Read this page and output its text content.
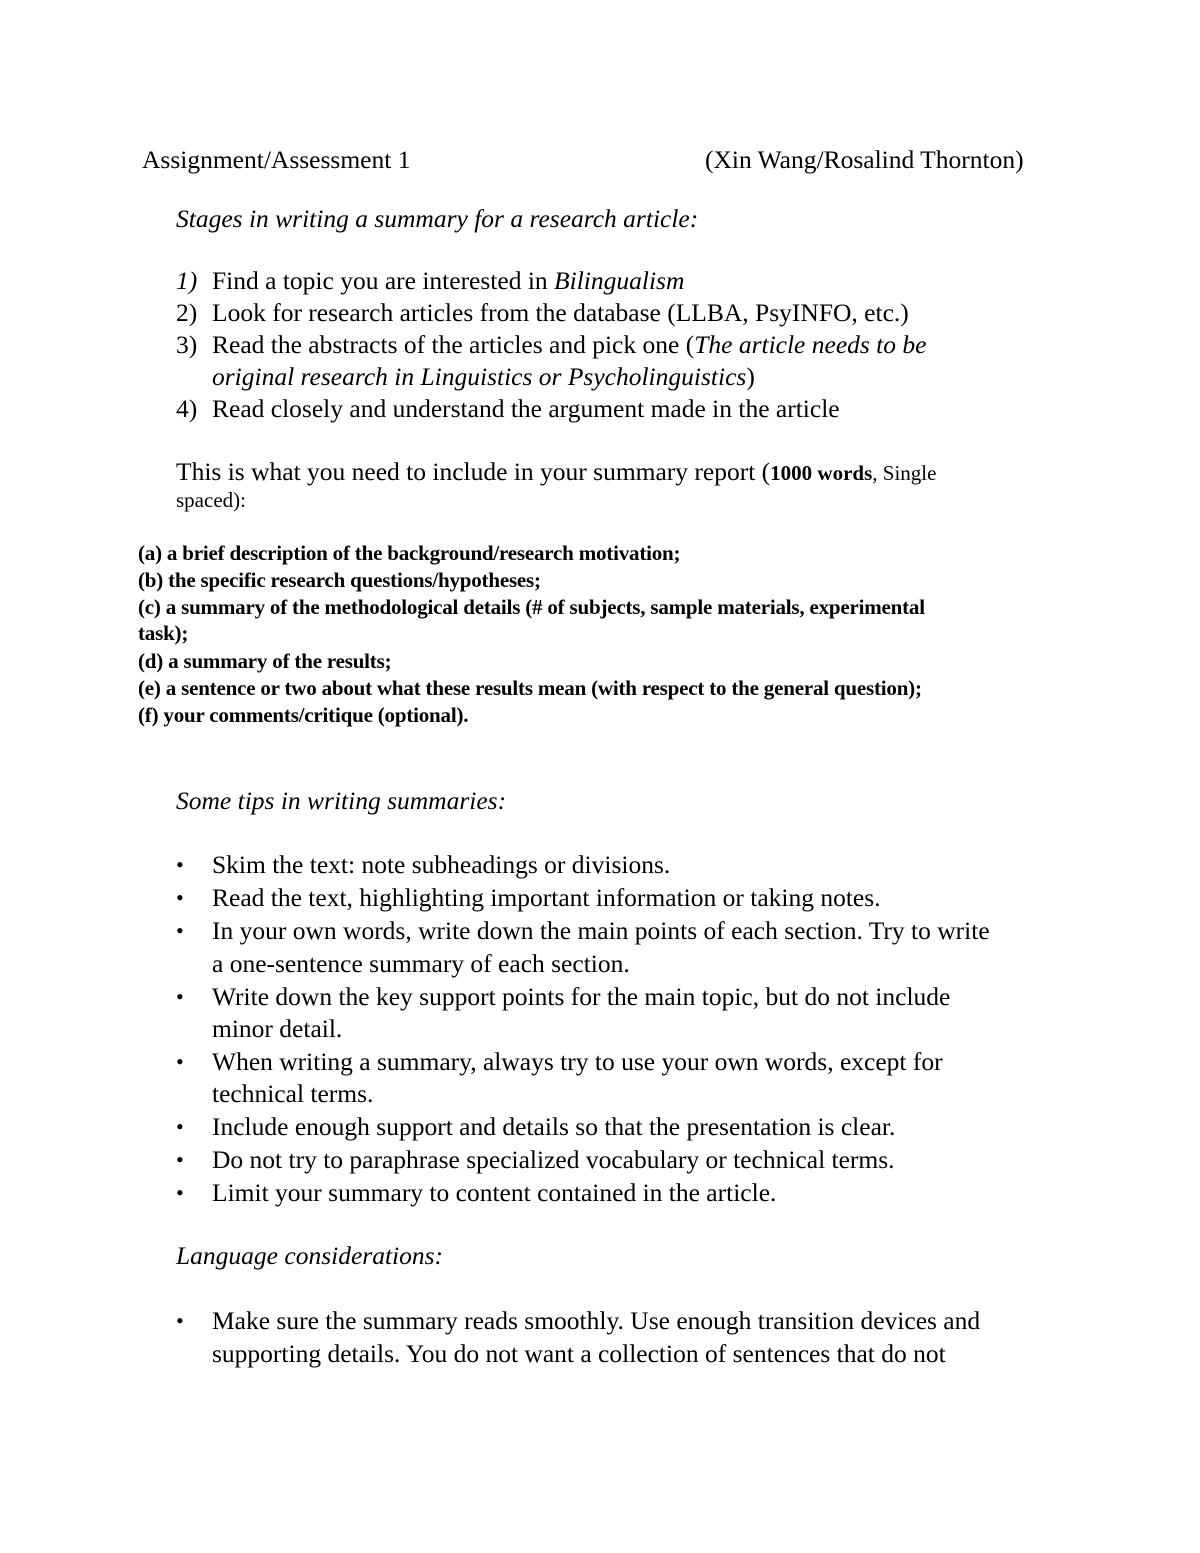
Assignment/Assessment 1	(Xin Wang/Rosalind Thornton)
Stages in writing a summary for a research article:
1) Find a topic you are interested in Bilingualism
2) Look for research articles from the database (LLBA, PsyINFO, etc.)
3) Read the abstracts of the articles and pick one (The article needs to be
original research in Linguistics or Psycholinguistics)
4) Read closely and understand the argument made in the article
This is what you need to include in your summary report (1000 words, Single
spaced):
(a) a brief description of the background/research motivation;
(b) the specific research questions/hypotheses;
(c) a summary of the methodological details (# of subjects, sample materials, experimental
task);
(d) a summary of the results;
(e) a sentence or two about what these results mean (with respect to the general question);
(f) your comments/critique (optional).
Some tips in writing summaries:
• Skim the text: note subheadings or divisions.
• Read the text, highlighting important information or taking notes.
• In your own words, write down the main points of each section. Try to write
a one-sentence summary of each section.
• Write down the key support points for the main topic, but do not include
minor detail.
• When writing a summary, always try to use your own words, except for
technical terms.
• Include enough support and details so that the presentation is clear.
• Do not try to paraphrase specialized vocabulary or technical terms.
• Limit your summary to content contained in the article.
Language considerations:
• Make sure the summary reads smoothly. Use enough transition devices and
supporting details. You do not want a collection of sentences that do not
